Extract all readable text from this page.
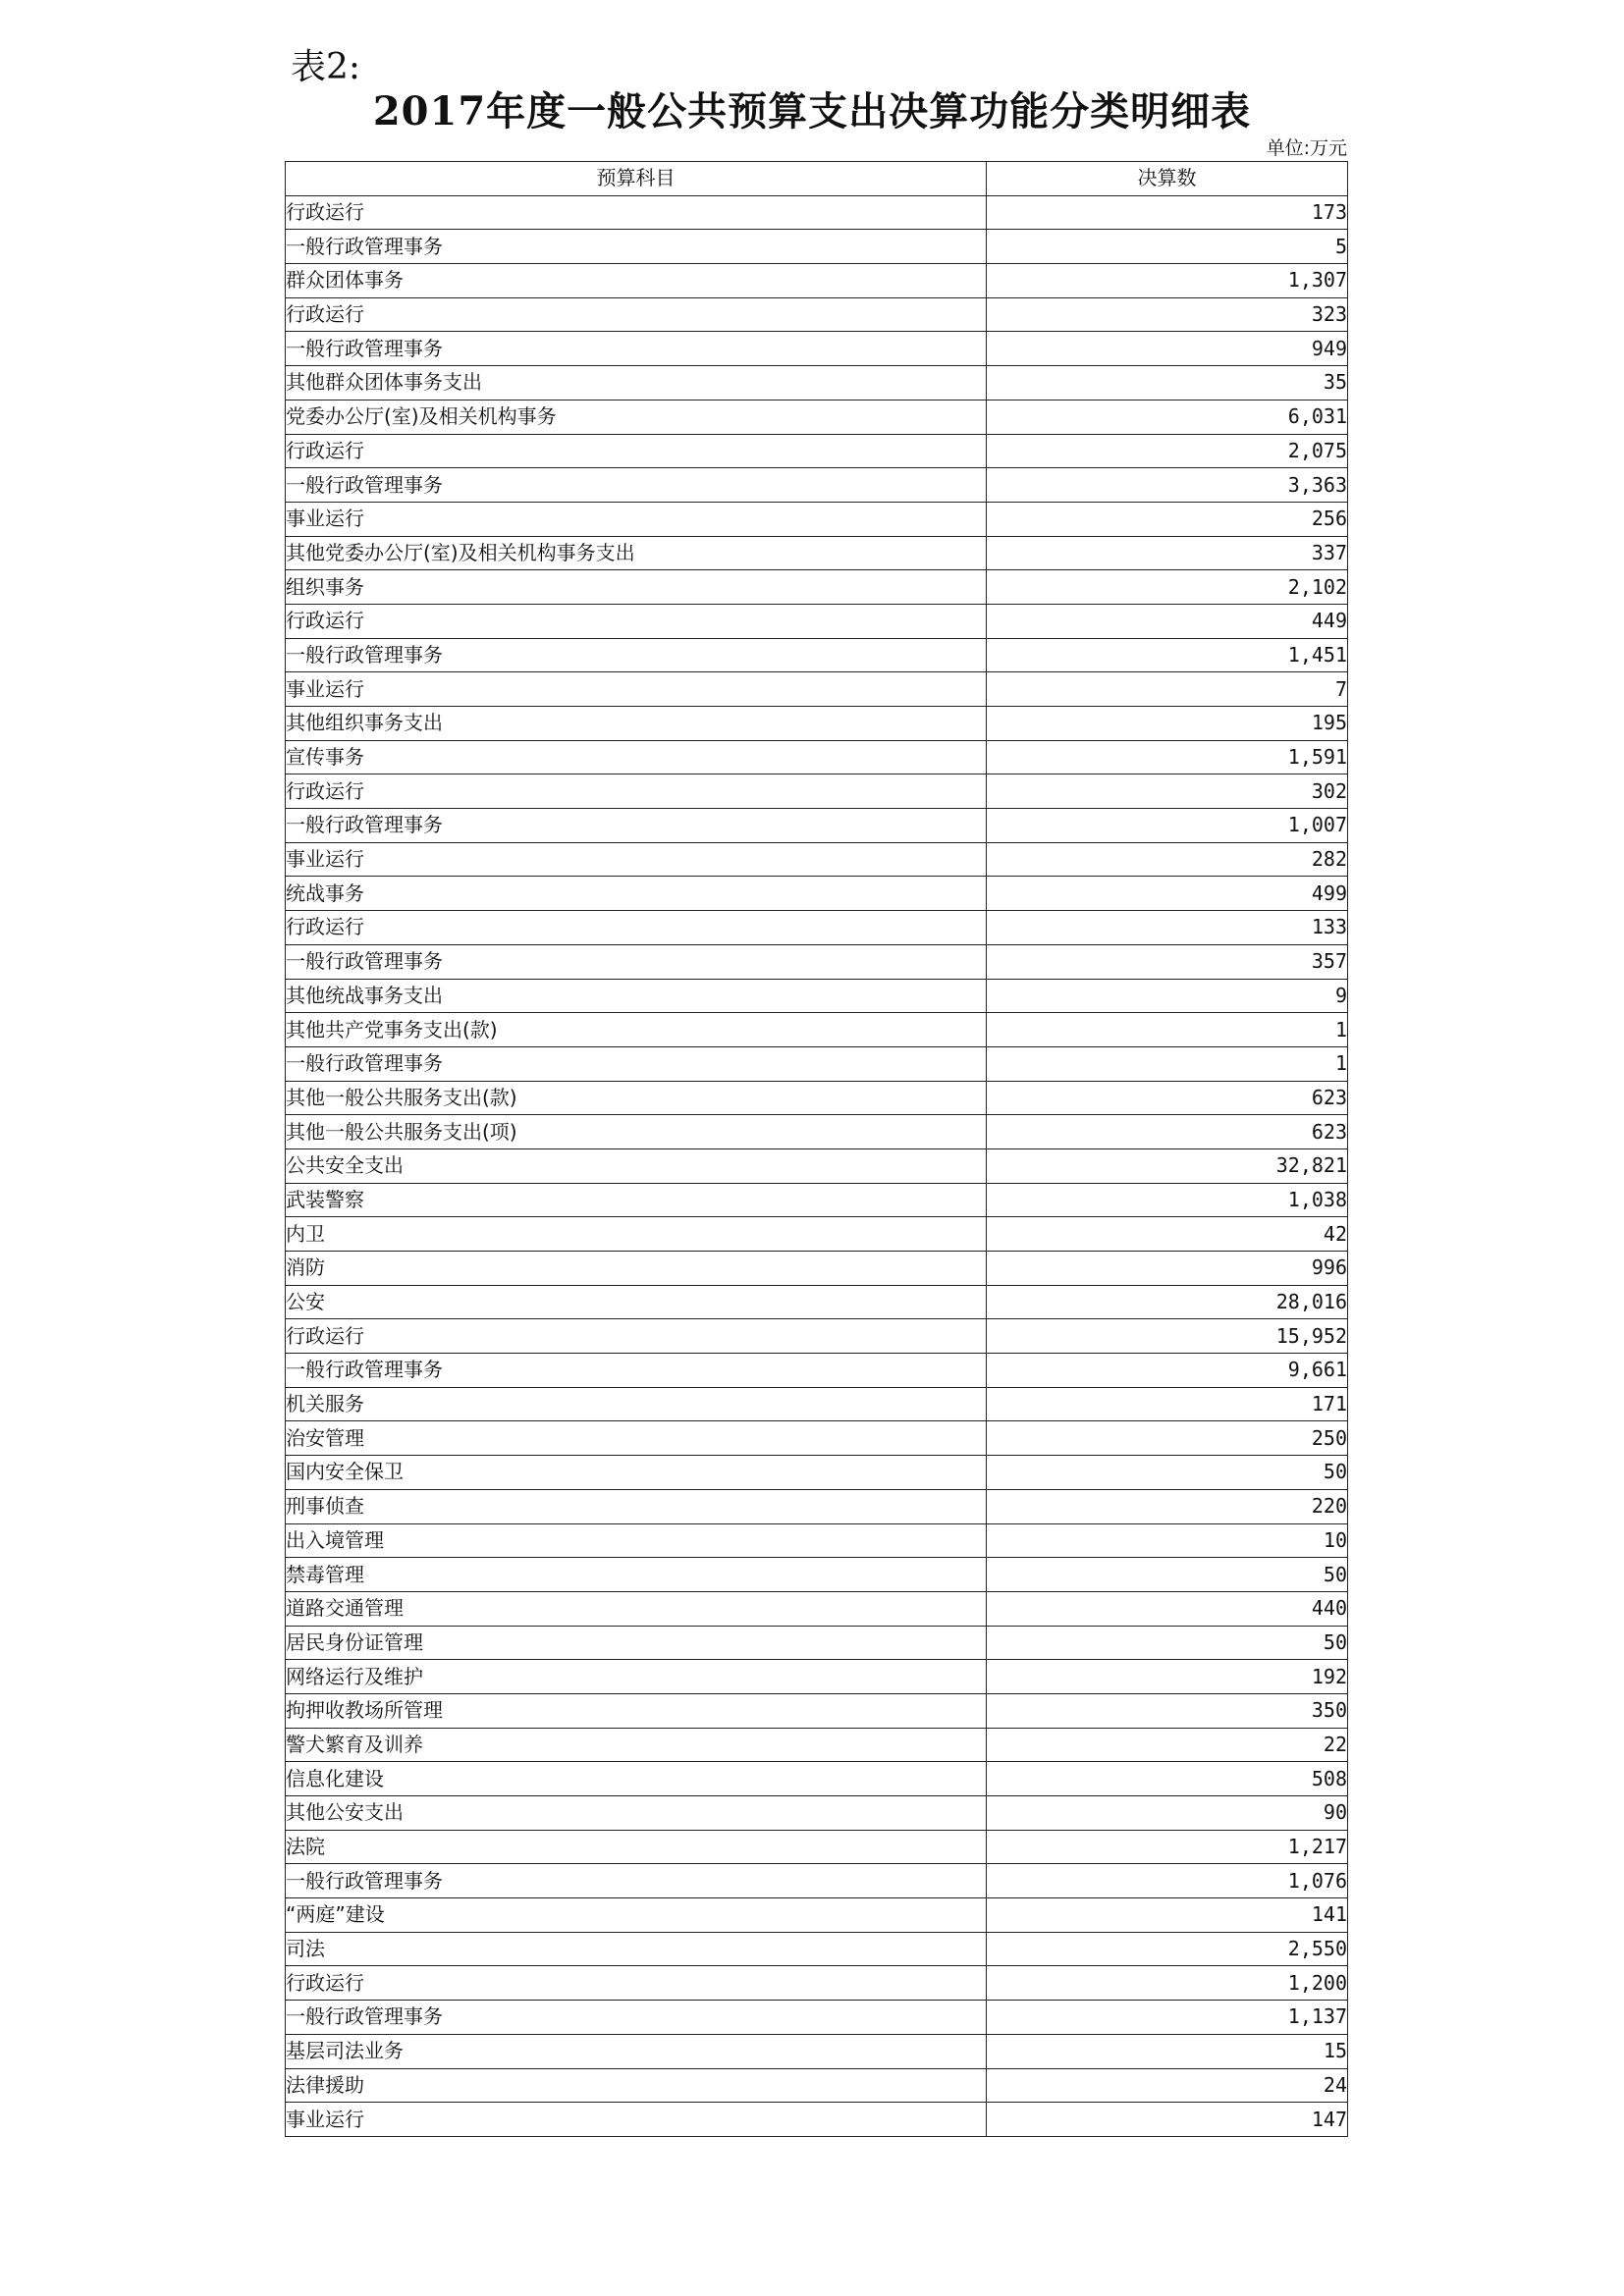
表2:
2017年度一般公共预算支出决算功能分类明细表
单位:万元
预算科目	决算数
行政运行	173
一般行政管理事务	5
群众团体事务	1,307
行政运行	323
一般行政管理事务	949
其他群众团体事务支出	35
党委办公厅(室)及相关机构事务	6,031
行政运行	2,075
一般行政管理事务	3,363
事业运行	256
其他党委办公厅(室)及相关机构事务支出	337
组织事务	2,102
行政运行	449
一般行政管理事务	1,451
事业运行	7
其他组织事务支出	195
宣传事务	1,591
行政运行	302
一般行政管理事务	1,007
事业运行	282
统战事务	499
行政运行	133
一般行政管理事务	357
其他统战事务支出	9
其他共产党事务支出(款)	1
一般行政管理事务	1
其他一般公共服务支出(款)	623
其他一般公共服务支出(项)	623
公共安全支出	32,821
武装警察	1,038
内卫	42
消防	996
公安	28,016
行政运行	15,952
一般行政管理事务	9,661
机关服务	171
治安管理	250
国内安全保卫	50
刑事侦查	220
出入境管理	10
禁毒管理	50
道路交通管理	440
居民身份证管理	50
网络运行及维护	192
拘押收教场所管理	350
警犬繁育及训养	22
信息化建设	508
其他公安支出	90
法院	1,217
一般行政管理事务	1,076
“两庭”建设	141
司法	2,550
行政运行	1,200
一般行政管理事务	1,137
基层司法业务	15
法律援助	24
事业运行	147
